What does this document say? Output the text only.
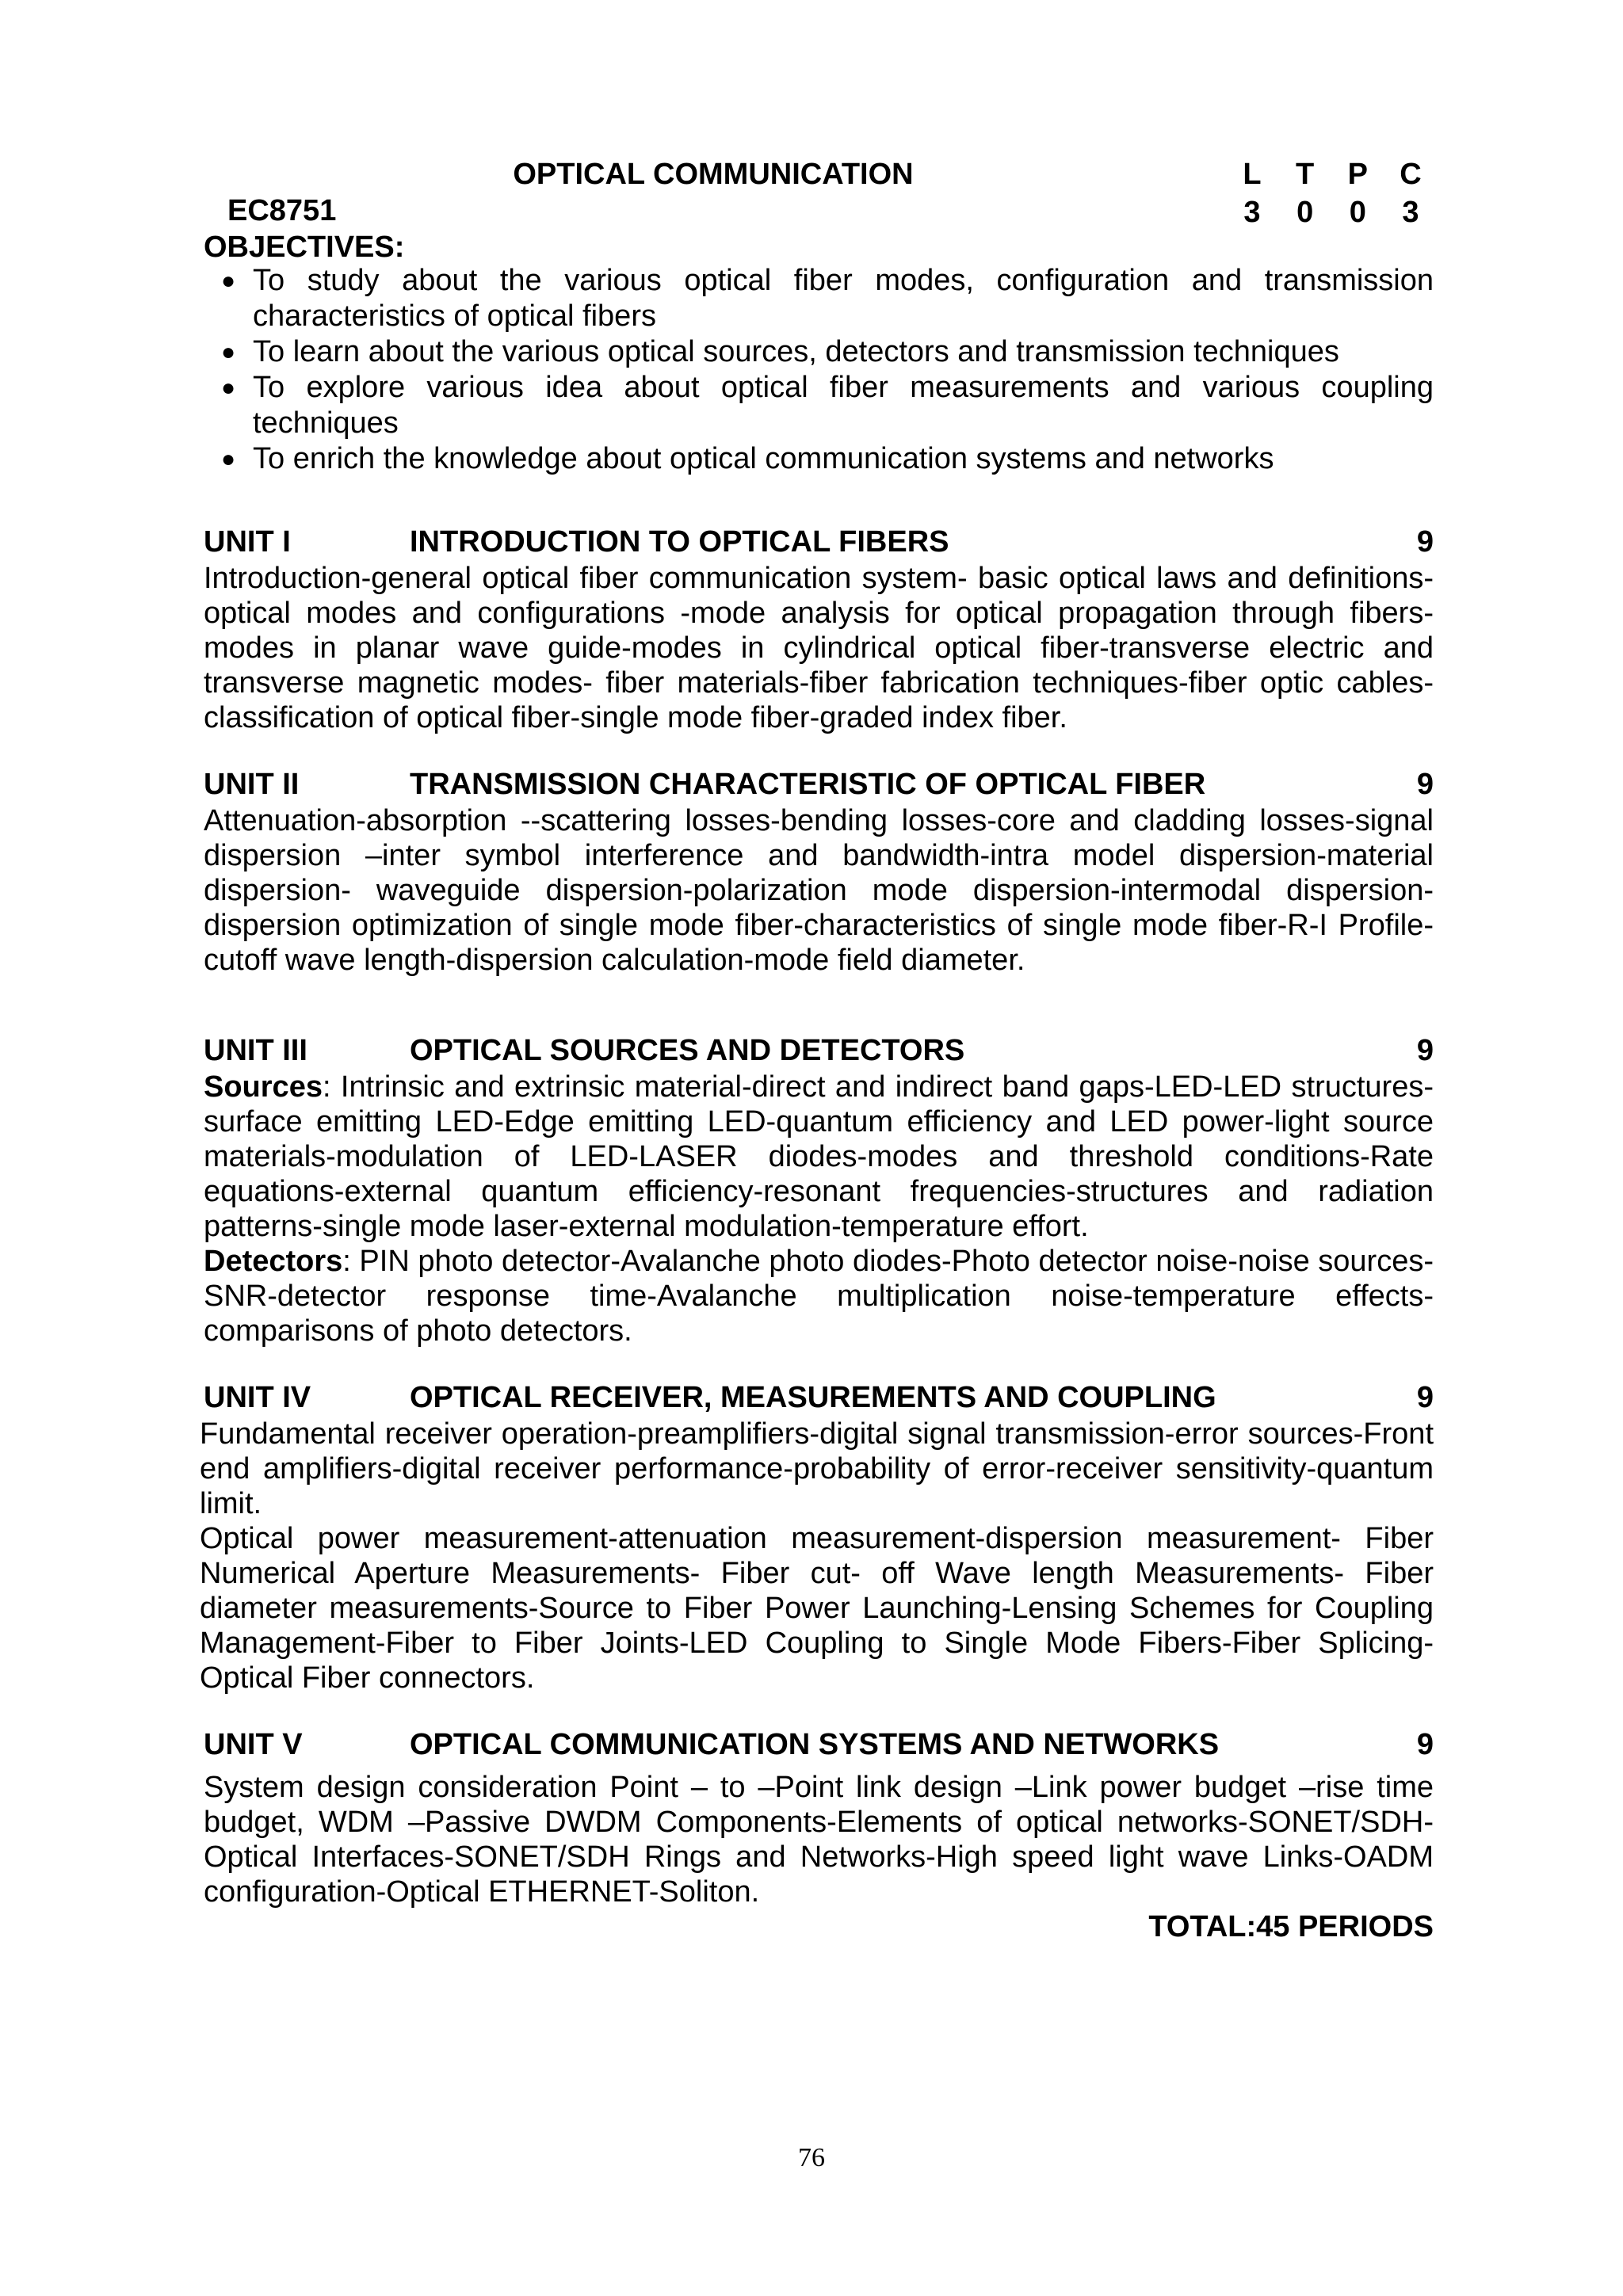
OPTICAL COMMUNICATION	L T P C
3 0 0 3
EC8751
OBJECTIVES:
● To study about the various optical fiber modes, configuration and transmission characteristics of optical fibers
● To learn about the various optical sources, detectors and transmission techniques
● To explore various idea about optical fiber measurements and various coupling techniques
● To enrich the knowledge about optical communication systems and networks
UNIT I	INTRODUCTION TO OPTICAL FIBERS	9

Introduction-general optical fiber communication system- basic optical laws and definitions-optical modes and configurations -mode analysis for optical propagation through fibers-modes in planar wave guide-modes in cylindrical optical fiber-transverse electric and transverse magnetic modes- fiber materials-fiber fabrication techniques-fiber optic cables-classification of optical fiber-single mode fiber-graded index fiber.

UNIT II	TRANSMISSION CHARACTERISTIC OF OPTICAL FIBER	9

Attenuation-absorption --scattering losses-bending losses-core and cladding losses-signal dispersion –inter symbol interference and bandwidth-intra model dispersion-material dispersion- waveguide dispersion-polarization mode dispersion-intermodal dispersion-dispersion optimization of single mode fiber-characteristics of single mode fiber-R-I Profile-cutoff wave length-dispersion calculation-mode field diameter.

UNIT III	OPTICAL SOURCES AND DETECTORS	9

Sources: Intrinsic and extrinsic material-direct and indirect band gaps-LED-LED structures-surface emitting LED-Edge emitting LED-quantum efficiency and LED power-light source materials-modulation of LED-LASER diodes-modes and threshold conditions-Rate equations-external quantum efficiency-resonant frequencies-structures and radiation patterns-single mode laser-external modulation-temperature effort.

Detectors: PIN photo detector-Avalanche photo diodes-Photo detector noise-noise sources-SNR-detector response time-Avalanche multiplication noise-temperature effects-comparisons of photo detectors.

UNIT IV	OPTICAL RECEIVER, MEASUREMENTS AND COUPLING	9

Fundamental receiver operation-preamplifiers-digital signal transmission-error sources-Front end amplifiers-digital receiver performance-probability of error-receiver sensitivity-quantum limit.

Optical power measurement-attenuation measurement-dispersion measurement- Fiber Numerical Aperture Measurements- Fiber cut- off Wave length Measurements- Fiber diameter measurements-Source to Fiber Power Launching-Lensing Schemes for Coupling Management-Fiber to Fiber Joints-LED Coupling to Single Mode Fibers-Fiber Splicing-Optical Fiber connectors.

UNIT V	OPTICAL COMMUNICATION SYSTEMS AND NETWORKS	9

System design consideration Point – to –Point link design –Link power budget –rise time budget, WDM –Passive DWDM Components-Elements of optical networks-SONET/SDH-Optical Interfaces-SONET/SDH Rings and Networks-High speed light wave Links-OADM configuration-Optical ETHERNET-Soliton.

TOTAL:45 PERIODS
76
